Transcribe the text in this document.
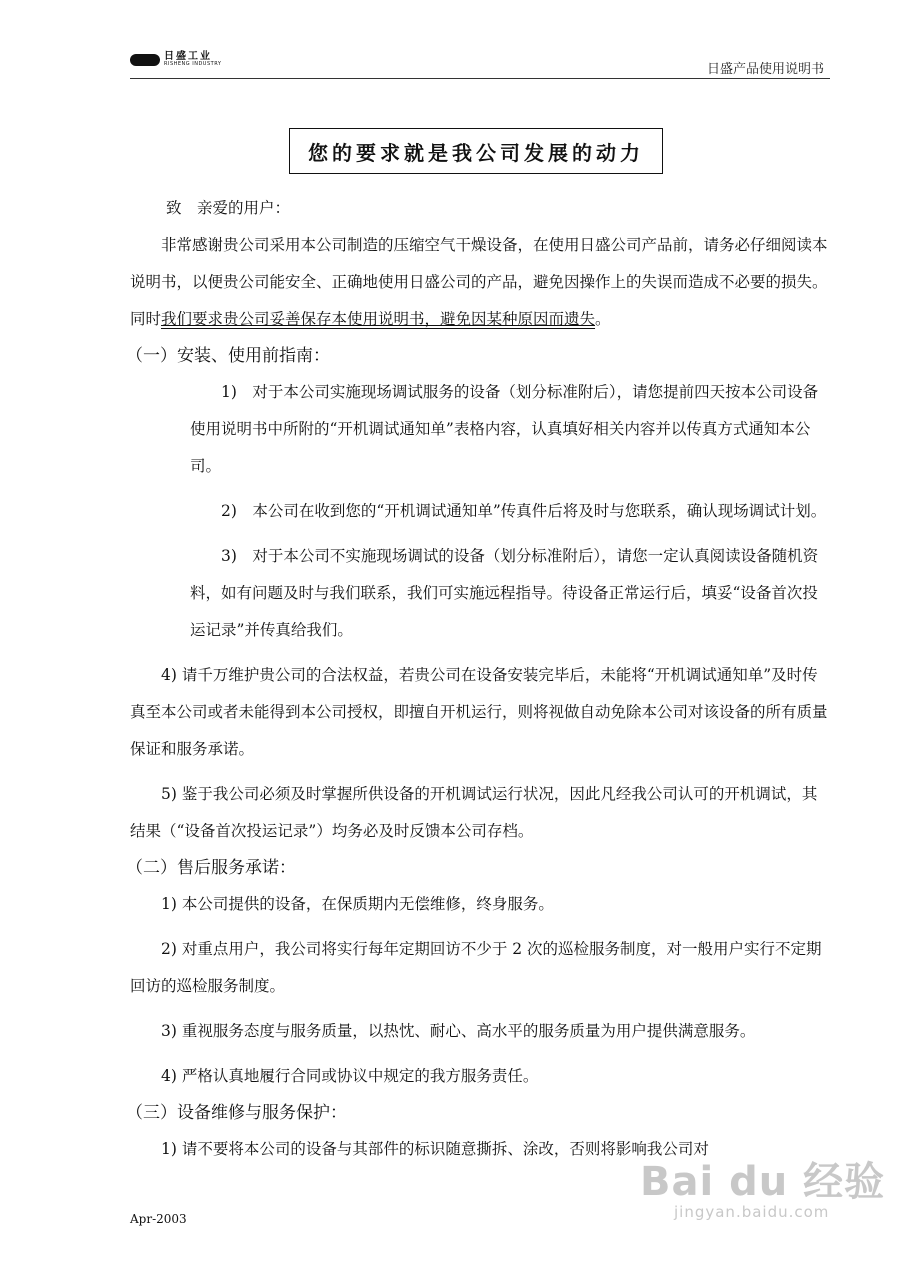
日盛工业
RISHENG INDUSTRY	日盛产品使用说明书
您的要求就是我公司发展的动力

致　亲爱的用户：

非常感谢贵公司采用本公司制造的压缩空气干燥设备，在使用日盛公司产品前，请务必仔细阅读本说明书，以便贵公司能安全、正确地使用日盛公司的产品，避免因操作上的失误而造成不必要的损失。同时我们要求贵公司妥善保存本使用说明书，避免因某种原因而遗失。

（一）安装、使用前指南：

1)　对于本公司实施现场调试服务的设备（划分标准附后），请您提前四天按本公司设备使用说明书中所附的“开机调试通知单”表格内容，认真填好相关内容并以传真方式通知本公司。

2)　本公司在收到您的“开机调试通知单”传真件后将及时与您联系，确认现场调试计划。

3)　对于本公司不实施现场调试的设备（划分标准附后），请您一定认真阅读设备随机资料，如有问题及时与我们联系，我们可实施远程指导。待设备正常运行后，填妥“设备首次投运记录”并传真给我们。

4) 请千万维护贵公司的合法权益，若贵公司在设备安装完毕后，未能将“开机调试通知单”及时传真至本公司或者未能得到本公司授权，即擅自开机运行，则将视做自动免除本公司对该设备的所有质量保证和服务承诺。

5) 鉴于我公司必须及时掌握所供设备的开机调试运行状况，因此凡经我公司认可的开机调试，其结果（“设备首次投运记录”）均务必及时反馈本公司存档。

（二）售后服务承诺：

1) 本公司提供的设备，在保质期内无偿维修，终身服务。

2) 对重点用户，我公司将实行每年定期回访不少于 2 次的巡检服务制度，对一般用户实行不定期回访的巡检服务制度。

3) 重视服务态度与服务质量，以热忱、耐心、高水平的服务质量为用户提供满意服务。

4) 严格认真地履行合同或协议中规定的我方服务责任。

（三）设备维修与服务保护：

1) 请不要将本公司的设备与其部件的标识随意撕拆、涂改，否则将影响我公司对

Apr-2003
Bai du 经验
jingyan.baidu.com
